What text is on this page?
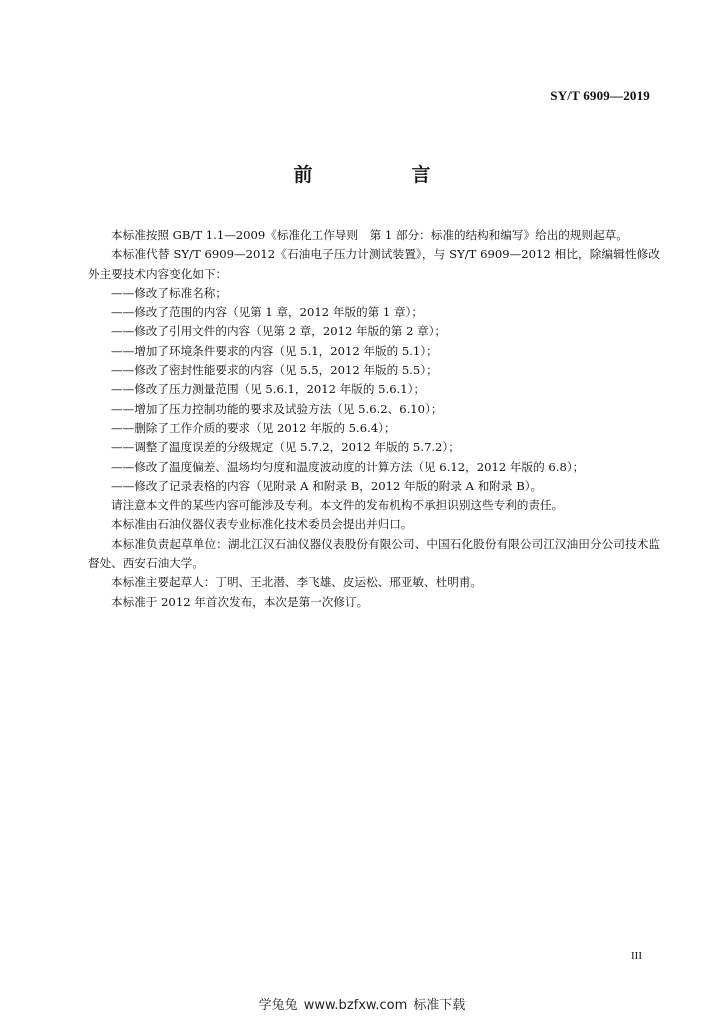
SY/T 6909—2019
前　言

本标准按照 GB/T 1.1—2009《标准化工作导则　第 1 部分：标准的结构和编写》给出的规则起草。

本标准代替 SY/T 6909—2012《石油电子压力计测试装置》，与 SY/T 6909—2012 相比，除编辑性修改外主要技术内容变化如下：

——修改了标准名称；
——修改了范围的内容（见第 1 章，2012 年版的第 1 章）；
——修改了引用文件的内容（见第 2 章，2012 年版的第 2 章）；
——增加了环境条件要求的内容（见 5.1，2012 年版的 5.1）；
——修改了密封性能要求的内容（见 5.5，2012 年版的 5.5）；
——修改了压力测量范围（见 5.6.1，2012 年版的 5.6.1）；
——增加了压力控制功能的要求及试验方法（见 5.6.2、6.10）；
——删除了工作介质的要求（见 2012 年版的 5.6.4）；
——调整了温度误差的分级规定（见 5.7.2，2012 年版的 5.7.2）；
——修改了温度偏差、温场均匀度和温度波动度的计算方法（见 6.12，2012 年版的 6.8）；
——修改了记录表格的内容（见附录 A 和附录 B，2012 年版的附录 A 和附录 B）。

请注意本文件的某些内容可能涉及专利。本文件的发布机构不承担识别这些专利的责任。

本标准由石油仪器仪表专业标准化技术委员会提出并归口。

本标准负责起草单位：湖北江汉石油仪器仪表股份有限公司、中国石化股份有限公司江汉油田分公司技术监督处、西安石油大学。

本标准主要起草人：丁明、王北潜、李飞雄、皮运松、邢亚敏、杜明甫。

本标准于 2012 年首次发布，本次是第一次修订。

III
学兔兔 www.bzfxw.com 标准下载
